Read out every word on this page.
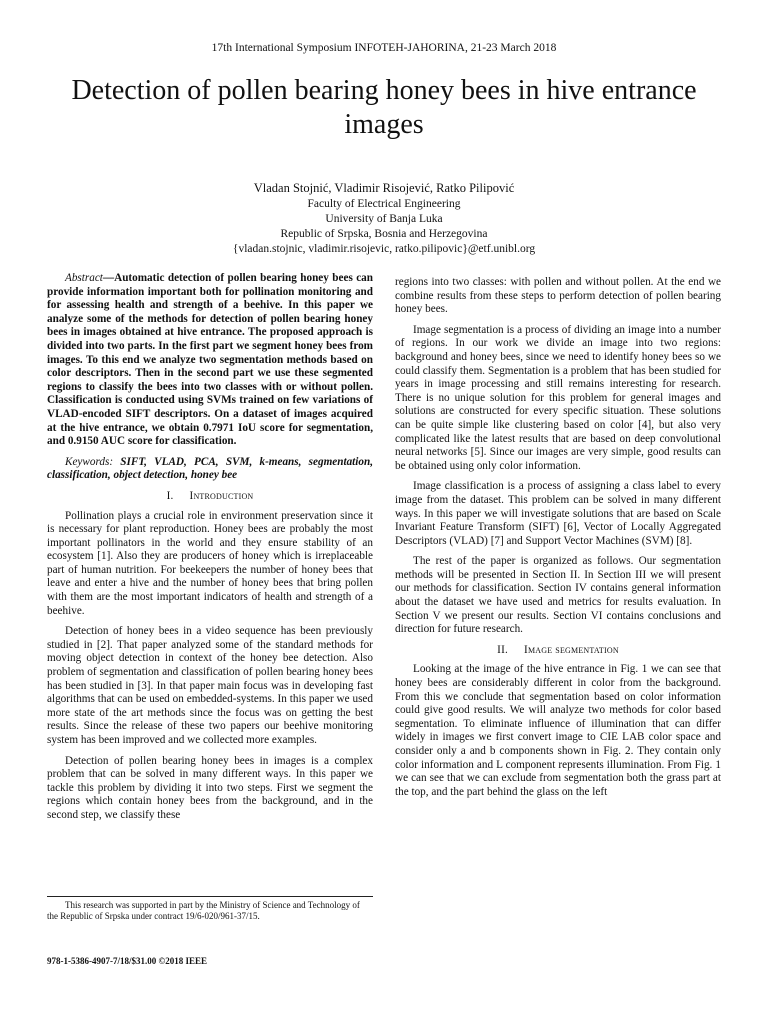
17th International Symposium INFOTEH-JAHORINA, 21-23 March 2018
Detection of pollen bearing honey bees in hive entrance images
Vladan Stojnić, Vladimir Risojević, Ratko Pilipović
Faculty of Electrical Engineering
University of Banja Luka
Republic of Srpska, Bosnia and Herzegovina
{vladan.stojnic, vladimir.risojevic, ratko.pilipovic}@etf.unibl.org

Abstract—Automatic detection of pollen bearing honey bees can provide information important both for pollination monitoring and for assessing health and strength of a beehive. In this paper we analyze some of the methods for detection of pollen bearing honey bees in images obtained at hive entrance. The proposed approach is divided into two parts. In the first part we segment honey bees from images. To this end we analyze two segmentation methods based on color descriptors. Then in the second part we use these segmented regions to classify the bees into two classes with or without pollen. Classification is conducted using SVMs trained on few variations of VLAD-encoded SIFT descriptors. On a dataset of images acquired at the hive entrance, we obtain 0.7971 IoU score for segmentation, and 0.9150 AUC score for classification.

Keywords: SIFT, VLAD, PCA, SVM, k-means, segmentation, classification, object detection, honey bee

I. Introduction

Pollination plays a crucial role in environment preservation since it is necessary for plant reproduction. Honey bees are probably the most important pollinators in the world and they ensure stability of an ecosystem [1]. Also they are producers of honey which is irreplaceable part of human nutrition. For beekeepers the number of honey bees that leave and enter a hive and the number of honey bees that bring pollen with them are the most important indicators of health and strength of a beehive.

Detection of honey bees in a video sequence has been previously studied in [2]. That paper analyzed some of the standard methods for moving object detection in context of the honey bee detection. Also problem of segmentation and classification of pollen bearing honey bees has been studied in [3]. In that paper main focus was in developing fast algorithms that can be used on embedded-systems. In this paper we used more state of the art methods since the focus was on getting the best results. Since the release of these two papers our beehive monitoring system has been improved and we collected more examples.

Detection of pollen bearing honey bees in images is a complex problem that can be solved in many different ways. In this paper we tackle this problem by dividing it into two steps. First we segment the regions which contain honey bees from the background, and in the second step, we classify these

regions into two classes: with pollen and without pollen. At the end we combine results from these steps to perform detection of pollen bearing honey bees.

Image segmentation is a process of dividing an image into a number of regions. In our work we divide an image into two regions: background and honey bees, since we need to identify honey bees so we could classify them. Segmentation is a problem that has been studied for years in image processing and still remains interesting for research. There is no unique solution for this problem for general images and solutions are constructed for every specific situation. These solutions can be quite simple like clustering based on color [4], but also very complicated like the latest results that are based on deep convolutional neural networks [5]. Since our images are very simple, good results can be obtained using only color information.

Image classification is a process of assigning a class label to every image from the dataset. This problem can be solved in many different ways. In this paper we will investigate solutions that are based on Scale Invariant Feature Transform (SIFT) [6], Vector of Locally Aggregated Descriptors (VLAD) [7] and Support Vector Machines (SVM) [8].

The rest of the paper is organized as follows. Our segmentation methods will be presented in Section II. In Section III we will present our methods for classification. Section IV contains general information about the dataset we have used and metrics for results evaluation. In Section V we present our results. Section VI contains conclusions and direction for future research.

II. Image segmentation

Looking at the image of the hive entrance in Fig. 1 we can see that honey bees are considerably different in color from the background. From this we conclude that segmentation based on color information could give good results. We will analyze two methods for color based segmentation. To eliminate influence of illumination that can differ widely in images we first convert image to CIE LAB color space and consider only a and b components shown in Fig. 2. They contain only color information and L component represents illumination. From Fig. 1 we can see that we can exclude from segmentation both the grass part at the top, and the part behind the glass on the left

This research was supported in part by the Ministry of Science and Technology of the Republic of Srpska under contract 19/6-020/961-37/15.
978-1-5386-4907-7/18/$31.00 ©2018 IEEE
